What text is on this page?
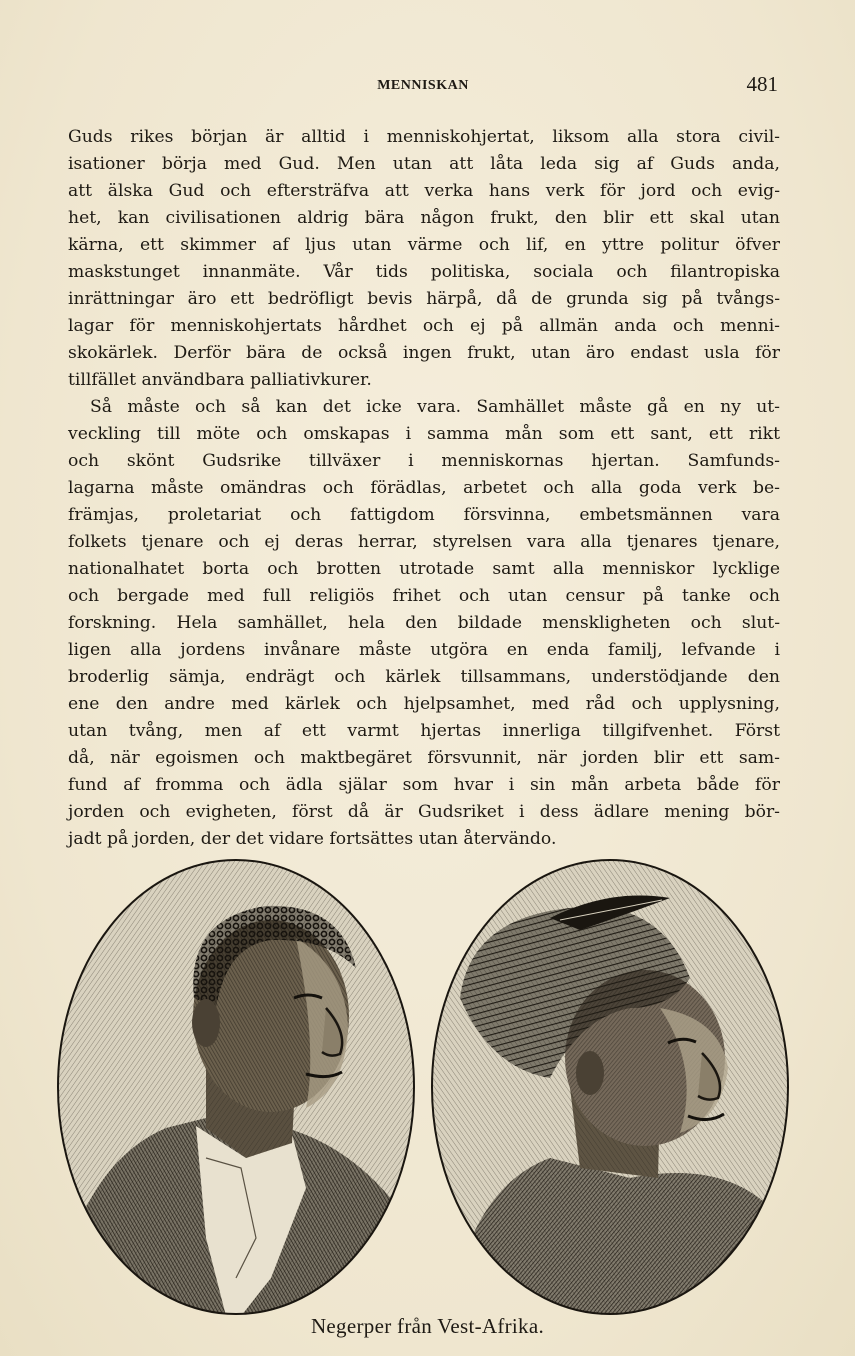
MENNISKAN	481
Guds rikes början är alltid i menniskohjertat, liksom alla stora civil-
isationer börja med Gud. Men utan att låta leda sig af Guds anda,
att älska Gud och eftersträfva att verka hans verk för jord och evig-
het, kan civilisationen aldrig bära någon frukt, den blir ett skal utan
kärna, ett skimmer af ljus utan värme och lif, en yttre politur öfver
maskstunget innanmäte. Vår tids politiska, sociala och filantropiska
inrättningar äro ett bedröfligt bevis härpå, då de grunda sig på tvångs-
lagar för menniskohjertats hårdhet och ej på allmän anda och menni-
skokärlek. Derför bära de också ingen frukt, utan äro endast usla för
tillfället användbara palliativkurer.
Så måste och så kan det icke vara. Samhället måste gå en ny ut-
veckling till möte och omskapas i samma mån som ett sant, ett rikt
och skönt Gudsrike tillväxer i menniskornas hjertan. Samfunds-
lagarna måste omändras och förädlas, arbetet och alla goda verk be-
främjas, proletariat och fattigdom försvinna, embetsmännen vara
folkets tjenare och ej deras herrar, styrelsen vara alla tjenares tjenare,
nationalhatet borta och brotten utrotade samt alla menniskor lycklige
och bergade med full religiös frihet och utan censur på tanke och
forskning. Hela samhället, hela den bildade menskligheten och slut-
ligen alla jordens invånare måste utgöra en enda familj, lefvande i
broderlig sämja, endrägt och kärlek tillsammans, understödjande den
ene den andre med kärlek och hjelpsamhet, med råd och upplysning,
utan tvång, men af ett varmt hjertas innerliga tillgifvenhet. Först
då, när egoismen och maktbegäret försvunnit, när jorden blir ett sam-
fund af fromma och ädla själar som hvar i sin mån arbeta både för
jorden och evigheten, först då är Gudsriket i dess ädlare mening bör-
jadt på jorden, der det vidare fortsättes utan återvändo.
Negerper från Vest-Afrika.
